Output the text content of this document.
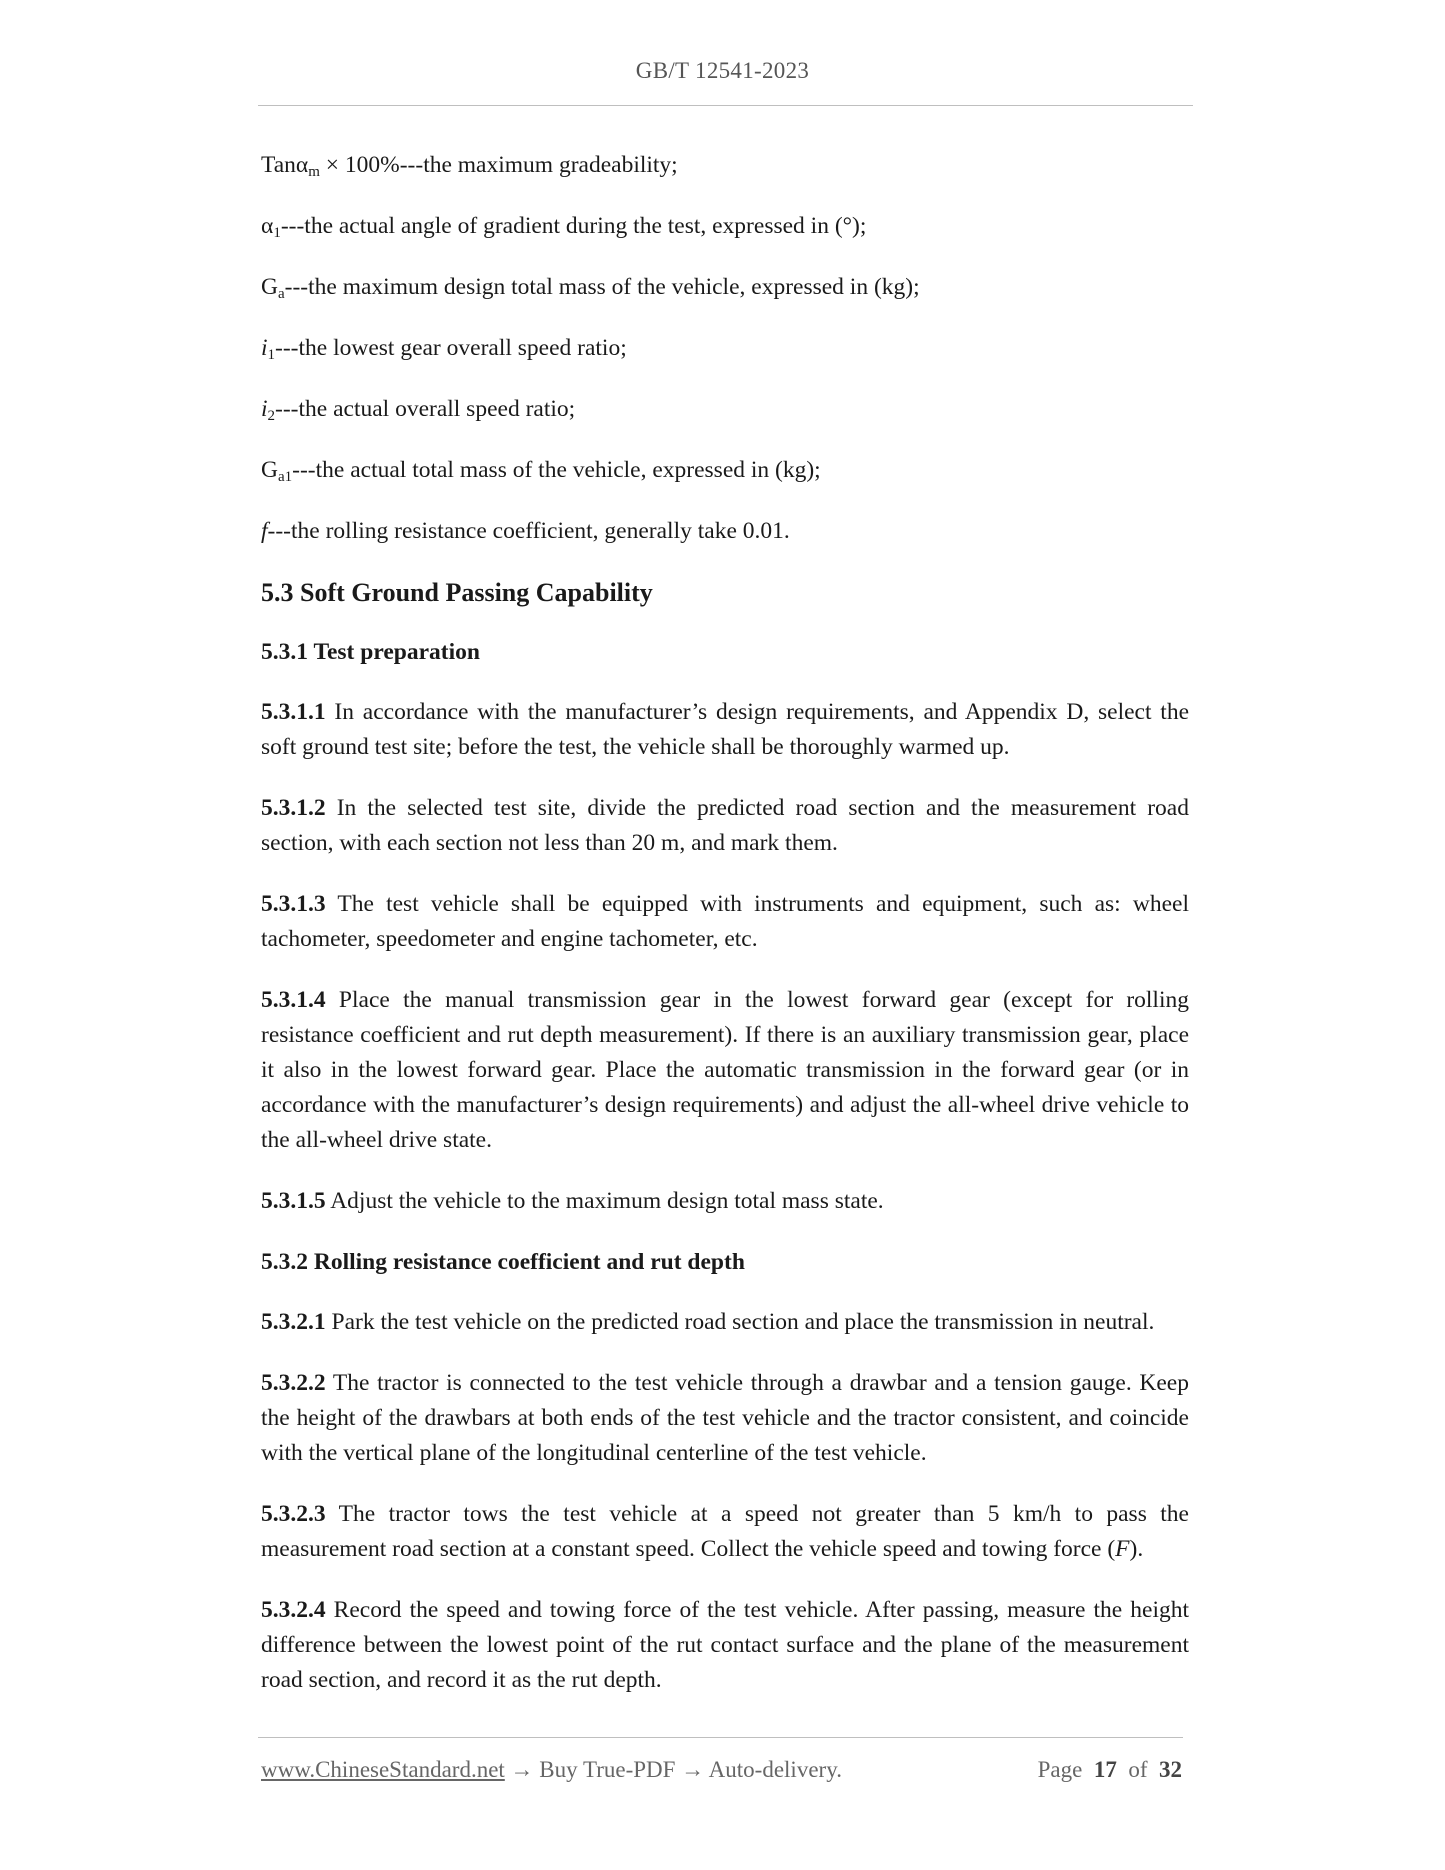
GB/T 12541-2023
Tanαm × 100%---the maximum gradeability;
α1---the actual angle of gradient during the test, expressed in (°);
Ga---the maximum design total mass of the vehicle, expressed in (kg);
i1---the lowest gear overall speed ratio;
i2---the actual overall speed ratio;
Ga1---the actual total mass of the vehicle, expressed in (kg);
f---the rolling resistance coefficient, generally take 0.01.
5.3 Soft Ground Passing Capability
5.3.1 Test preparation

5.3.1.1 In accordance with the manufacturer’s design requirements, and Appendix D, select the soft ground test site; before the test, the vehicle shall be thoroughly warmed up.

5.3.1.2 In the selected test site, divide the predicted road section and the measurement road section, with each section not less than 20 m, and mark them.

5.3.1.3 The test vehicle shall be equipped with instruments and equipment, such as: wheel tachometer, speedometer and engine tachometer, etc.

5.3.1.4 Place the manual transmission gear in the lowest forward gear (except for rolling resistance coefficient and rut depth measurement). If there is an auxiliary transmission gear, place it also in the lowest forward gear. Place the automatic transmission in the forward gear (or in accordance with the manufacturer’s design requirements) and adjust the all-wheel drive vehicle to the all-wheel drive state.

5.3.1.5 Adjust the vehicle to the maximum design total mass state.

5.3.2 Rolling resistance coefficient and rut depth

5.3.2.1 Park the test vehicle on the predicted road section and place the transmission in neutral.

5.3.2.2 The tractor is connected to the test vehicle through a drawbar and a tension gauge. Keep the height of the drawbars at both ends of the test vehicle and the tractor consistent, and coincide with the vertical plane of the longitudinal centerline of the test vehicle.

5.3.2.3 The tractor tows the test vehicle at a speed not greater than 5 km/h to pass the measurement road section at a constant speed. Collect the vehicle speed and towing force (F).

5.3.2.4 Record the speed and towing force of the test vehicle. After passing, measure the height difference between the lowest point of the rut contact surface and the plane of the measurement road section, and record it as the rut depth.

www.ChineseStandard.net → Buy True-PDF → Auto-delivery.	Page 17 of 32
